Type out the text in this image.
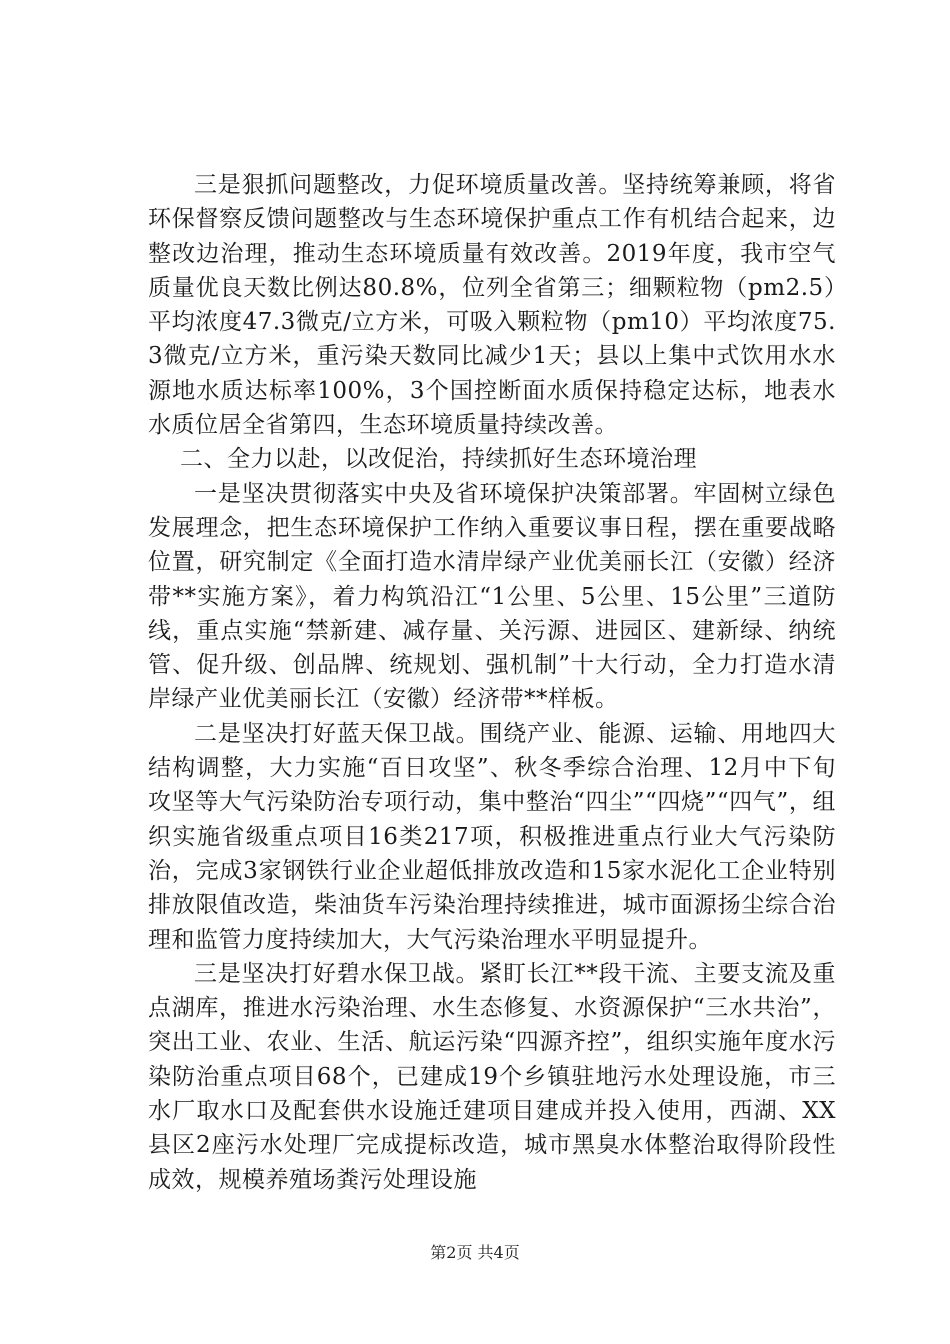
三是狠抓问题整改，力促环境质量改善。坚持统筹兼顾，将省环保督察反馈问题整改与生态环境保护重点工作有机结合起来，边整改边治理，推动生态环境质量有效改善。2019年度，我市空气质量优良天数比例达80.8%，位列全省第三；细颗粒物（pm2.5）平均浓度47.3微克/立方米，可吸入颗粒物（pm10）平均浓度75.3微克/立方米，重污染天数同比减少1天；县以上集中式饮用水水源地水质达标率100%，3个国控断面水质保持稳定达标，地表水水质位居全省第四，生态环境质量持续改善。

二、全力以赴，以改促治，持续抓好生态环境治理

一是坚决贯彻落实中央及省环境保护决策部署。牢固树立绿色发展理念，把生态环境保护工作纳入重要议事日程，摆在重要战略位置，研究制定《全面打造水清岸绿产业优美丽长江（安徽）经济带**实施方案》，着力构筑沿江“1公里、5公里、15公里”三道防线，重点实施“禁新建、减存量、关污源、进园区、建新绿、纳统管、促升级、创品牌、统规划、强机制”十大行动，全力打造水清岸绿产业优美丽长江（安徽）经济带**样板。

二是坚决打好蓝天保卫战。围绕产业、能源、运输、用地四大结构调整，大力实施“百日攻坚”、秋冬季综合治理、12月中下旬攻坚等大气污染防治专项行动，集中整治“四尘”“四烧”“四气”，组织实施省级重点项目16类217项，积极推进重点行业大气污染防治，完成3家钢铁行业企业超低排放改造和15家水泥化工企业特别排放限值改造，柴油货车污染治理持续推进，城市面源扬尘综合治理和监管力度持续加大，大气污染治理水平明显提升。

三是坚决打好碧水保卫战。紧盯长江**段干流、主要支流及重点湖库，推进水污染治理、水生态修复、水资源保护“三水共治”，突出工业、农业、生活、航运污染“四源齐控”，组织实施年度水污染防治重点项目68个，已建成19个乡镇驻地污水处理设施，市三水厂取水口及配套供水设施迁建项目建成并投入使用，西湖、XX县区2座污水处理厂完成提标改造，城市黑臭水体整治取得阶段性成效，规模养殖场粪污处理设施

第2页 共4页
